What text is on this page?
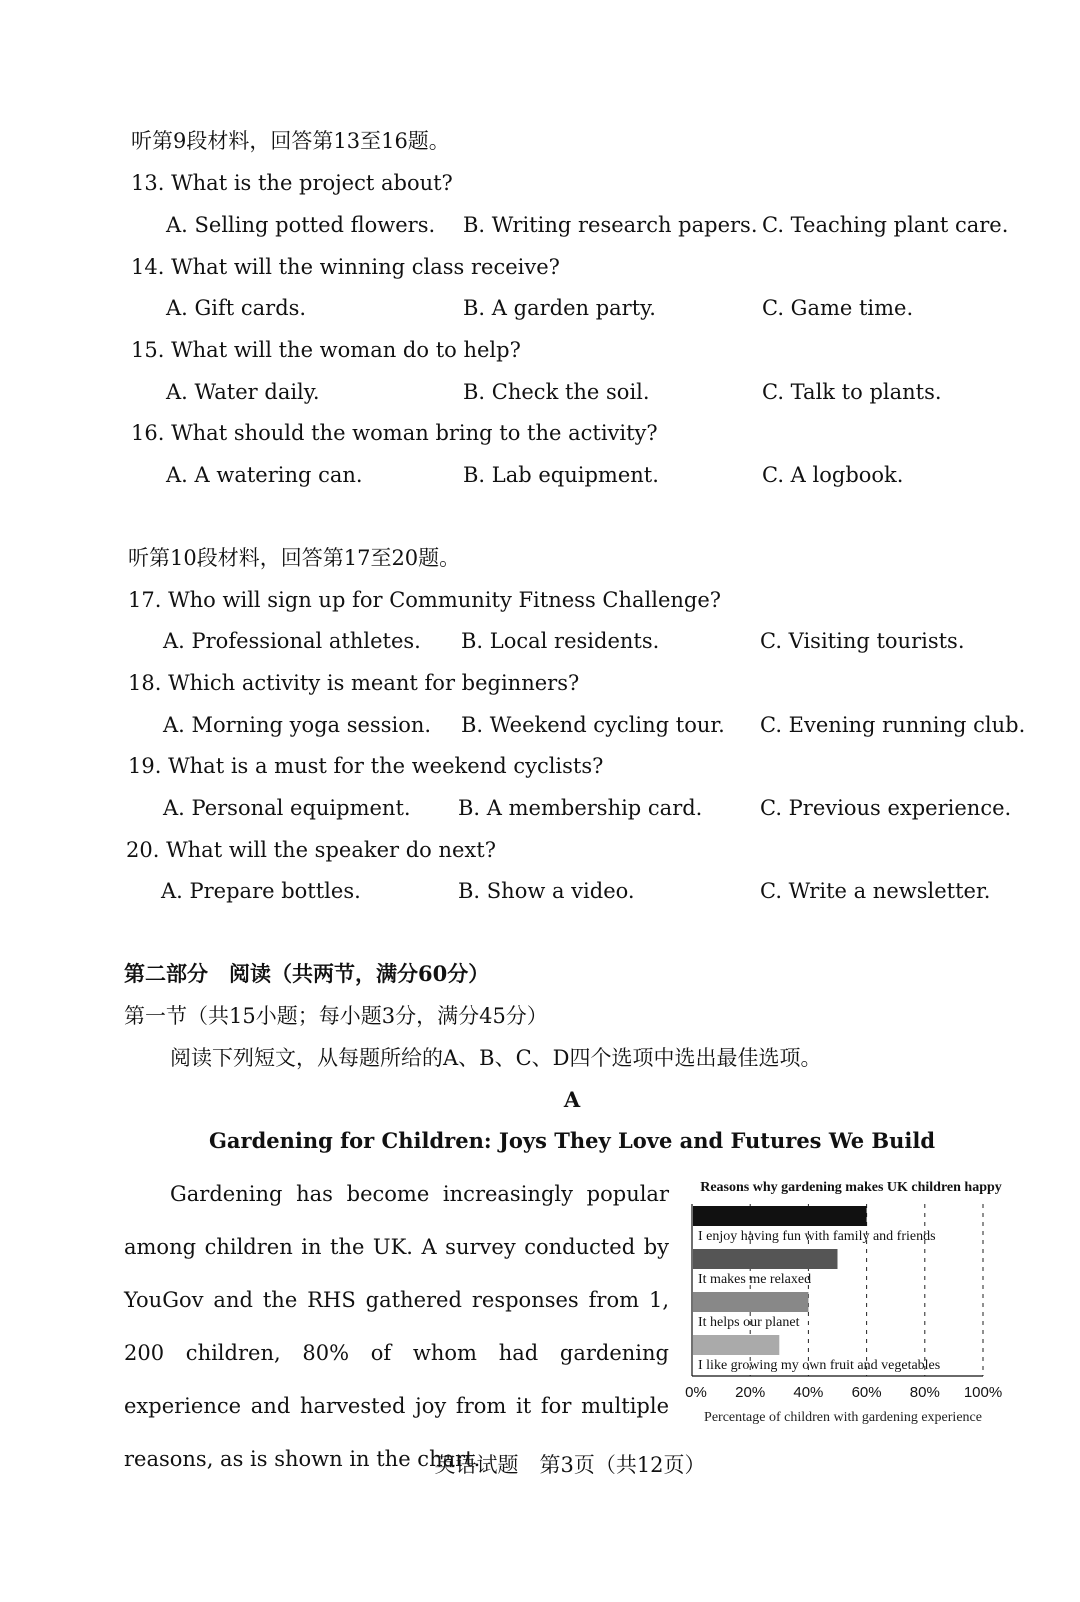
听第9段材料，回答第13至16题。
13. What is the project about?
A. Selling potted flowers. B. Writing research papers. C. Teaching plant care.
14. What will the winning class receive?
A. Gift cards.	B. A garden party.	C. Game time.
15. What will the woman do to help?
A. Water daily.	B. Check the soil.	C. Talk to plants.
16. What should the woman bring to the activity?
A. A watering can.	B. Lab equipment.	C. A logbook.
听第10段材料，回答第17至20题。
17. Who will sign up for Community Fitness Challenge?
A. Professional athletes. B. Local residents.	C. Visiting tourists.
18. Which activity is meant for beginners?
A. Morning yoga session. B. Weekend cycling tour. C. Evening running club.
19. What is a must for the weekend cyclists?
A. Personal equipment. B. A membership card.	C. Previous experience.
20. What will the speaker do next?
A. Prepare bottles.	B. Show a video.	C. Write a newsletter.
第二部分　阅读（共两节，满分60分）
第一节（共15小题；每小题3分，满分45分）
阅读下列短文，从每题所给的A、B、C、D四个选项中选出最佳选项。
A
Gardening for Children: Joys They Love and Futures We Build
Gardening has become increasingly popular among children in the UK. A survey conducted by YouGov and the RHS gathered responses from 1, 200 children, 80% of whom had gardening experience and harvested joy from it for multiple reasons, as is shown in the chart.
Reasons why gardening makes UK children happy
I enjoy having fun with family and friends
It makes me relaxed
It helps our planet
I like growing my own fruit and vegetables
0% 20% 40% 60% 80% 100%
Percentage of children with gardening experience
英语试题　第3页（共12页）
